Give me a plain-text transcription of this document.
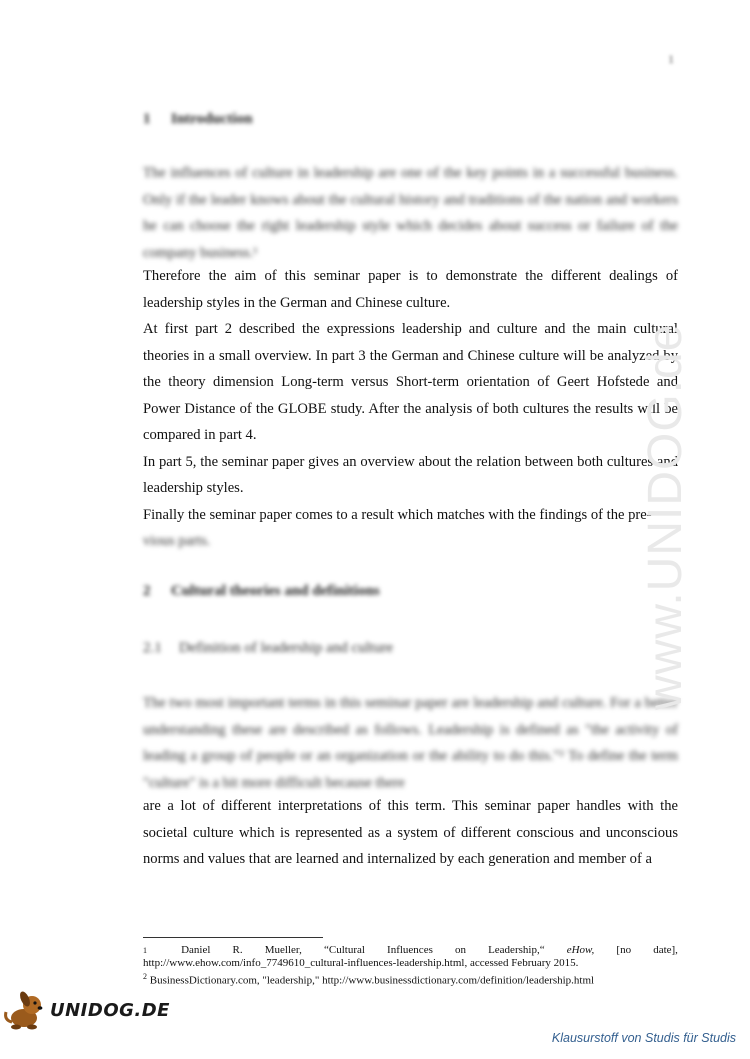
1
1 Introduction
The influences of culture in leadership are one of the key points in a successful business. Only if the leader knows about the cultural history and traditions of the nation and workers he can choose the right leadership style which decides about success or failure of the company business.¹

Therefore the aim of this seminar paper is to demonstrate the different dealings of leadership styles in the German and Chinese culture.

At first part 2 described the expressions leadership and culture and the main cultural theories in a small overview. In part 3 the German and Chinese culture will be analyzed by the theory dimension Long-term versus Short-term orientation of Geert Hofstede and Power Distance of the GLOBE study. After the analysis of both cultures the results will be compared in part 4.

In part 5, the seminar paper gives an overview about the relation between both cultures and leadership styles.

Finally the seminar paper comes to a result which matches with the findings of the pre-
vious parts.

2 Cultural theories and definitions
2.1 Definition of leadership and culture
The two most important terms in this seminar paper are leadership and culture. For a better understanding these are described as follows. Leadership is defined as "the activity of leading a group of people or an organization or the ability to do this."² To define the term "culture" is a bit more difficult because there
are a lot of different interpretations of this term. This seminar paper handles with the societal culture which is represented as a system of different conscious and unconscious norms and values that are learned and internalized by each generation and member of a
1	Daniel R. Mueller, “Cultural Influences on Leadership,“ eHow, [no date],
http://www.ehow.com/info_7749610_cultural-influences-leadership.html, accessed February 2015.
$^2$ BusinessDictionary.com, "leadership," http://www.businessdictionary.com/definition/leadership.html
www.UNIDOG.de
UNIDOG.DE
Klausurstoff von Studis für Studis
